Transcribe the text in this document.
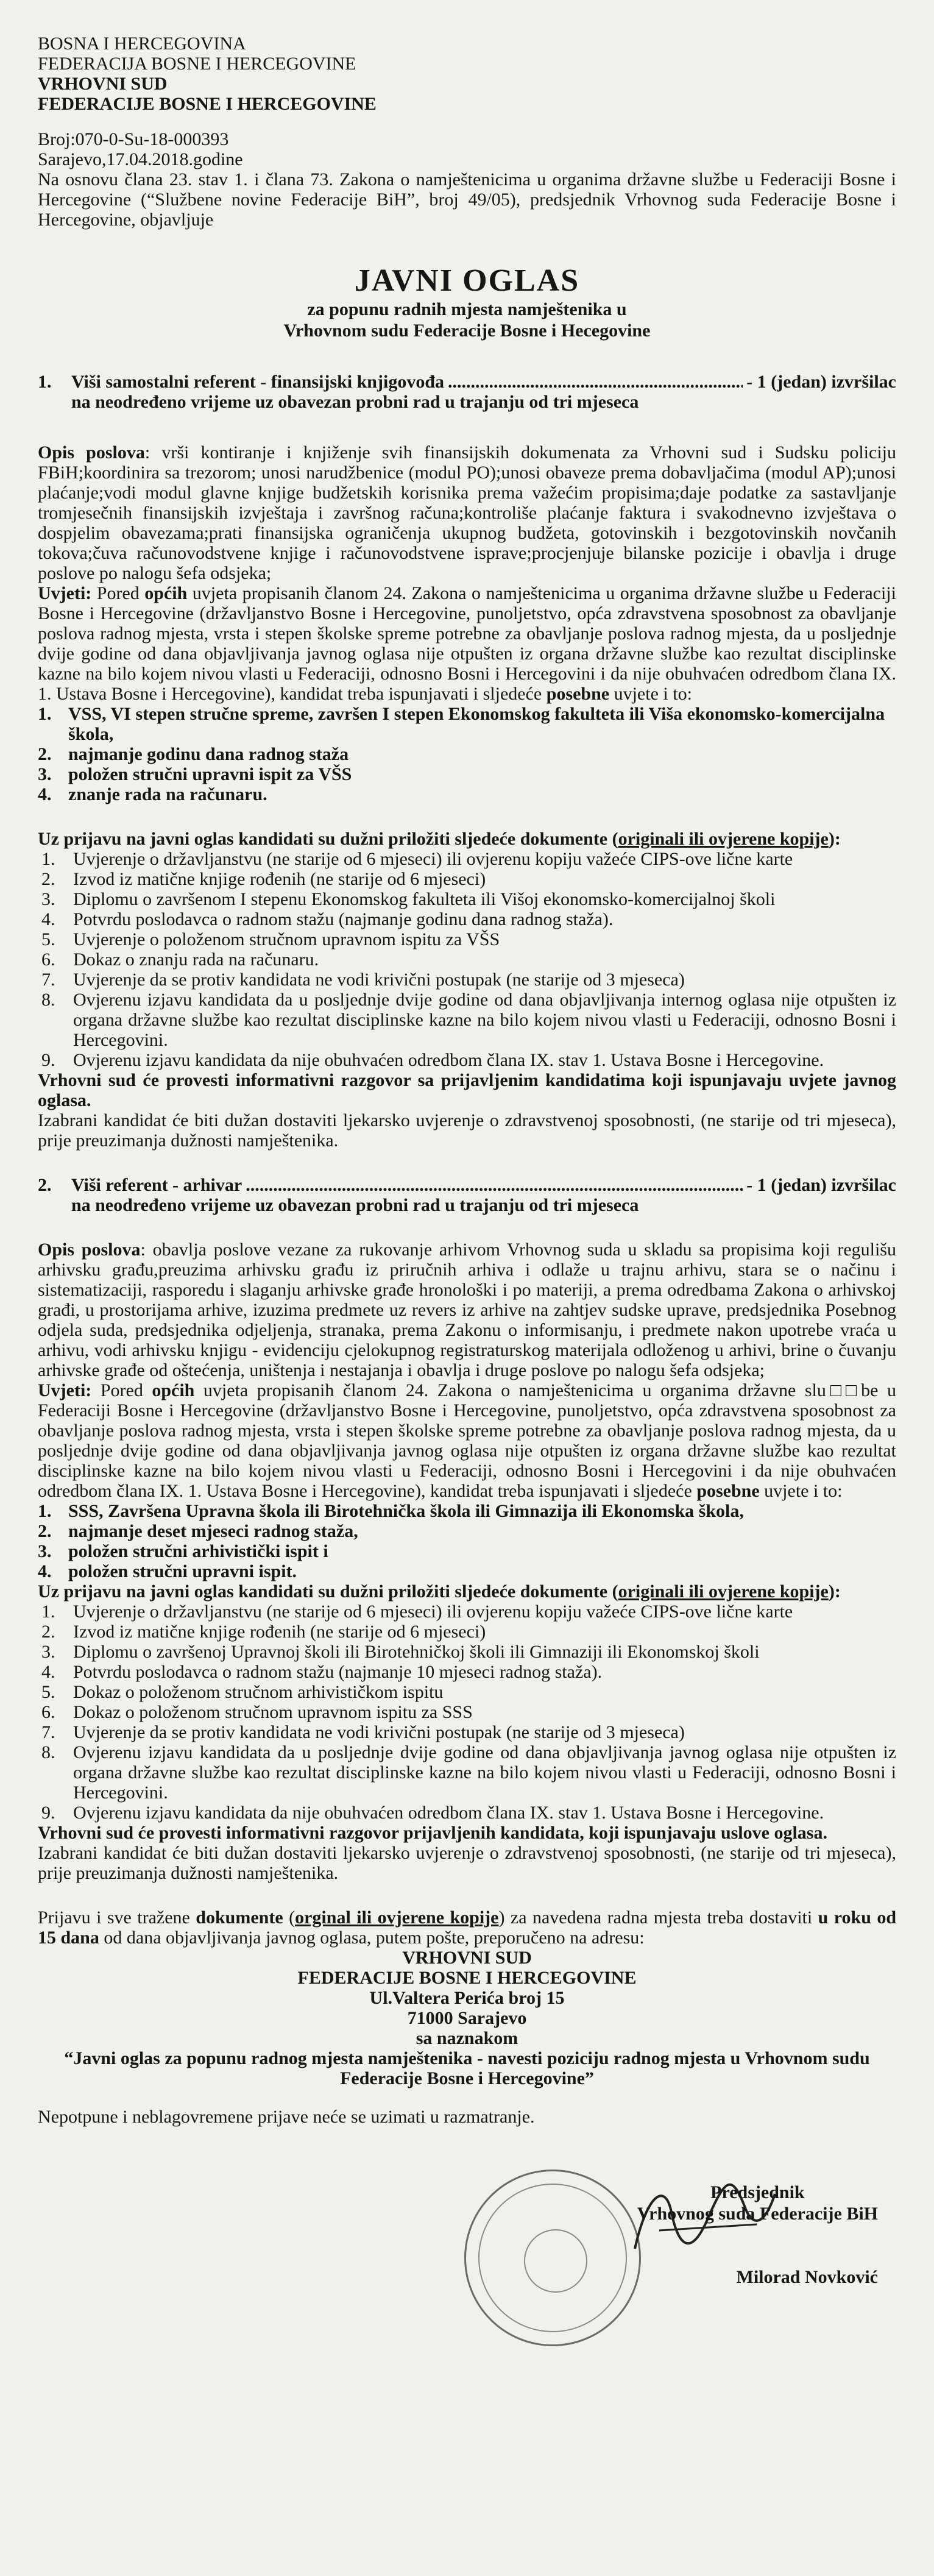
BOSNA I HERCEGOVINA
FEDERACIJA BOSNE I HERCEGOVINE
VRHOVNI SUD
FEDERACIJE BOSNE I HERCEGOVINE

Broj:070-0-Su-18-000393

Sarajevo,17.04.2018.godine

Na osnovu člana 23. stav 1. i člana 73. Zakona o namještenicima u organima državne službe u Federaciji Bosne i Hercegovine (“Službene novine Federacije BiH”, broj 49/05), predsjednik Vrhovnog suda Federacije Bosne i Hercegovine, objavljuje

JAVNI OGLAS
za popunu radnih mjesta namještenika u
Vrhovnom sudu Federacije Bosne i Hecegovine
1.	Viši samostalni referent - finansijski knjigovođa .....	- 1 (jedan) izvršilac
na neodređeno vrijeme uz obavezan probni rad u trajanju od tri mjeseca

Opis poslova: vrši kontiranje i knjiženje svih finansijskih dokumenata za Vrhovni sud i Sudsku policiju FBiH;koordinira sa trezorom; unosi narudžbenice (modul PO);unosi obaveze prema dobavljačima (modul AP);unosi plaćanje;vodi modul glavne knjige budžetskih korisnika prema važećim propisima;daje podatke za sastavljanje tromjesečnih finansijskih izvještaja i završnog računa;kontroliše plaćanje faktura i svakodnevno izvještava o dospjelim obavezama;prati finansijska ograničenja ukupnog budžeta, gotovinskih i bezgotovinskih novčanih tokova;čuva računovodstvene knjige i računovodstvene isprave;procjenjuje bilanske pozicije i obavlja i druge poslove po nalogu šefa odsjeka;

Uvjeti: Pored općih uvjeta propisanih članom 24. Zakona o namještenicima u organima državne službe u Federaciji Bosne i Hercegovine (državljanstvo Bosne i Hercegovine, punoljetstvo, opća zdravstvena sposobnost za obavljanje poslova radnog mjesta, vrsta i stepen školske spreme potrebne za obavljanje poslova radnog mjesta, da u posljednje dvije godine od dana objavljivanja javnog oglasa nije otpušten iz organa državne službe kao rezultat disciplinske kazne na bilo kojem nivou vlasti u Federaciji, odnosno Bosni i Hercegovini i da nije obuhvaćen odredbom člana IX. 1. Ustava Bosne i Hercegovine), kandidat treba ispunjavati i sljedeće posebne uvjete i to:

1. VSS, VI stepen stručne spreme, završen I stepen Ekonomskog fakulteta ili Viša ekonomsko-komercijalna škola,
2. najmanje godinu dana radnog staža
3. položen stručni upravni ispit za VŠS
4. znanje rada na računaru.

Uz prijavu na javni oglas kandidati su dužni priložiti sljedeće dokumente (originali ili ovjerene kopije):

1. Uvjerenje o državljanstvu (ne starije od 6 mjeseci) ili ovjerenu kopiju važeće CIPS-ove lične karte
2. Izvod iz matične knjige rođenih (ne starije od 6 mjeseci)
3. Diplomu o završenom I stepenu Ekonomskog fakulteta ili Višoj ekonomsko-komercijalnoj školi
4. Potvrdu poslodavca o radnom stažu (najmanje godinu dana radnog staža).
5. Uvjerenje o položenom stručnom upravnom ispitu za VŠS
6. Dokaz o znanju rada na računaru.
7. Uvjerenje da se protiv kandidata ne vodi krivični postupak (ne starije od 3 mjeseca)
8. Ovjerenu izjavu kandidata da u posljednje dvije godine od dana objavljivanja internog oglasa nije otpušten iz organa državne službe kao rezultat disciplinske kazne na bilo kojem nivou vlasti u Federaciji, odnosno Bosni i Hercegovini.
9. Ovjerenu izjavu kandidata da nije obuhvaćen odredbom člana IX. stav 1. Ustava Bosne i Hercegovine.

Vrhovni sud će provesti informativni razgovor sa prijavljenim kandidatima koji ispunjavaju uvjete javnog oglasa.

Izabrani kandidat će biti dužan dostaviti ljekarsko uvjerenje o zdravstvenoj sposobnosti, (ne starije od tri mjeseca), prije preuzimanja dužnosti namještenika.

2.	Viši referent - arhivar .....	- 1 (jedan) izvršilac
na neodređeno vrijeme uz obavezan probni rad u trajanju od tri mjeseca

Opis poslova: obavlja poslove vezane za rukovanje arhivom Vrhovnog suda u skladu sa propisima koji regulišu arhivsku građu,preuzima arhivsku građu iz priručnih arhiva i odlaže u trajnu arhivu, stara se o načinu i sistematizaciji, rasporedu i slaganju arhivske građe hronološki i po materiji, a prema odredbama Zakona o arhivskoj građi, u prostorijama arhive, izuzima predmete uz revers iz arhive na zahtjev sudske uprave, predsjednika Posebnog odjela suda, predsjednika odjeljenja, stranaka, prema Zakonu o informisanju, i predmete nakon upotrebe vraća u arhivu, vodi arhivsku knjigu - evidenciju cjelokupnog registraturskog materijala odloženog u arhivi, brine o čuvanju arhivske građe od oštećenja, uništenja i nestajanja i obavlja i druge poslove po nalogu šefa odsjeka;

Uvjeti: Pored općih uvjeta propisanih članom 24. Zakona o namještenicima u organima državne slu□□be u Federaciji Bosne i Hercegovine (državljanstvo Bosne i Hercegovine, punoljetstvo, opća zdravstvena sposobnost za obavljanje poslova radnog mjesta, vrsta i stepen školske spreme potrebne za obavljanje poslova radnog mjesta, da u posljednje dvije godine od dana objavljivanja javnog oglasa nije otpušten iz organa državne službe kao rezultat disciplinske kazne na bilo kojem nivou vlasti u Federaciji, odnosno Bosni i Hercegovini i da nije obuhvaćen odredbom člana IX. 1. Ustava Bosne i Hercegovine), kandidat treba ispunjavati i sljedeće posebne uvjete i to:

1. SSS, Završena Upravna škola ili Birotehnička škola ili Gimnazija ili Ekonomska škola,
2. najmanje deset mjeseci radnog staža,
3. položen stručni arhivistički ispit i
4. položen stručni upravni ispit.

Uz prijavu na javni oglas kandidati su dužni priložiti sljedeće dokumente (originali ili ovjerene kopije):

1. Uvjerenje o državljanstvu (ne starije od 6 mjeseci) ili ovjerenu kopiju važeće CIPS-ove lične karte
2. Izvod iz matične knjige rođenih (ne starije od 6 mjeseci)
3. Diplomu o završenoj Upravnoj školi ili Birotehničkoj školi ili Gimnaziji ili Ekonomskoj školi
4. Potvrdu poslodavca o radnom stažu (najmanje 10 mjeseci radnog staža).
5. Dokaz o položenom stručnom arhivističkom ispitu
6. Dokaz o položenom stručnom upravnom ispitu za SSS
7. Uvjerenje da se protiv kandidata ne vodi krivični postupak (ne starije od 3 mjeseca)
8. Ovjerenu izjavu kandidata da u posljednje dvije godine od dana objavljivanja javnog oglasa nije otpušten iz organa državne službe kao rezultat disciplinske kazne na bilo kojem nivou vlasti u Federaciji, odnosno Bosni i Hercegovini.
9. Ovjerenu izjavu kandidata da nije obuhvaćen odredbom člana IX. stav 1. Ustava Bosne i Hercegovine.

Vrhovni sud će provesti informativni razgovor prijavljenih kandidata, koji ispunjavaju uslove oglasa.

Izabrani kandidat će biti dužan dostaviti ljekarsko uvjerenje o zdravstvenoj sposobnosti, (ne starije od tri mjeseca), prije preuzimanja dužnosti namještenika.

Prijavu i sve tražene dokumente (orginal ili ovjerene kopije) za navedena radna mjesta treba dostaviti u roku od 15 dana od dana objavljivanja javnog oglasa, putem pošte, preporučeno na adresu:

VRHOVNI SUD
FEDERACIJE BOSNE I HERCEGOVINE
Ul.Valtera Perića broj 15
71000 Sarajevo
sa naznakom
“Javni oglas za popunu radnog mjesta namještenika - navesti poziciju radnog mjesta u Vrhovnom sudu Federacije Bosne i Hercegovine”

Nepotpune i neblagovremene prijave neće se uzimati u razmatranje.

Predsjednik
Vrhovnog suda Federacije BiH
Milorad Novković
